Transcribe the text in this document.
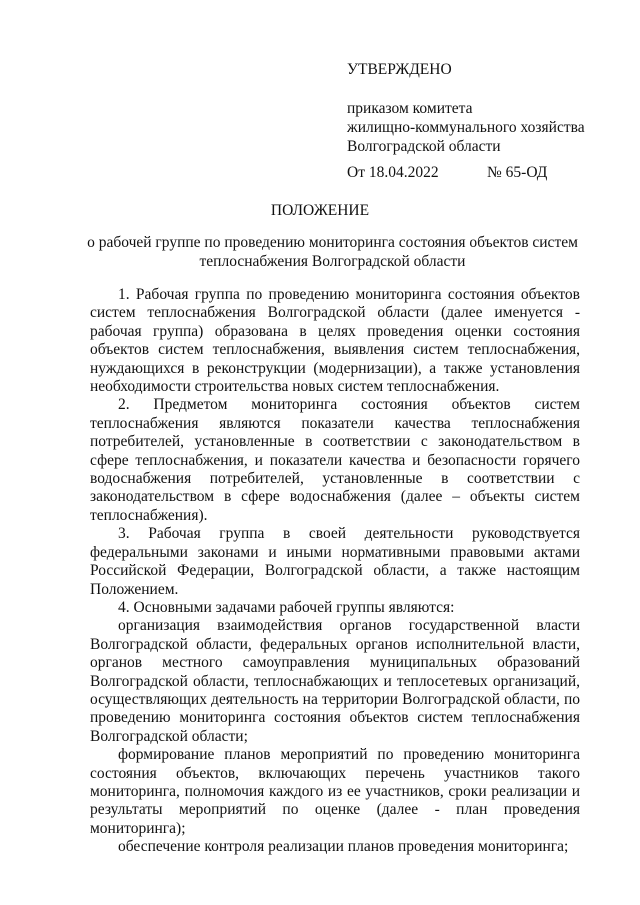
УТВЕРЖДЕНО
приказом комитета
жилищно-коммунального хозяйства
Волгоградской области
От 18.04.2022	№ 65-ОД
ПОЛОЖЕНИЕ
о рабочей группе по проведению мониторинга состояния объектов систем
теплоснабжения Волгоградской области

1. Рабочая группа по проведению мониторинга состояния объектов систем теплоснабжения Волгоградской области (далее именуется - рабочая группа) образована в целях проведения оценки состояния объектов систем теплоснабжения, выявления систем теплоснабжения, нуждающихся в реконструкции (модернизации), а также установления необходимости строительства новых систем теплоснабжения.

2. Предметом мониторинга состояния объектов систем теплоснабжения являются показатели качества теплоснабжения потребителей, установленные в соответствии с законодательством в сфере теплоснабжения, и показатели качества и безопасности горячего водоснабжения потребителей, установленные в соответствии с законодательством в сфере водоснабжения (далее – объекты систем теплоснабжения).

3. Рабочая группа в своей деятельности руководствуется федеральными законами и иными нормативными правовыми актами Российской Федерации, Волгоградской области, а также настоящим Положением.

4. Основными задачами рабочей группы являются:

организация взаимодействия органов государственной власти Волгоградской области, федеральных органов исполнительной власти, органов местного самоуправления муниципальных образований Волгоградской области, теплоснабжающих и теплосетевых организаций, осуществляющих деятельность на территории Волгоградской области, по проведению мониторинга состояния объектов систем теплоснабжения Волгоградской области;

формирование планов мероприятий по проведению мониторинга состояния объектов, включающих перечень участников такого мониторинга, полномочия каждого из ее участников, сроки реализации и результаты мероприятий по оценке (далее - план проведения мониторинга);

обеспечение контроля реализации планов проведения мониторинга;
